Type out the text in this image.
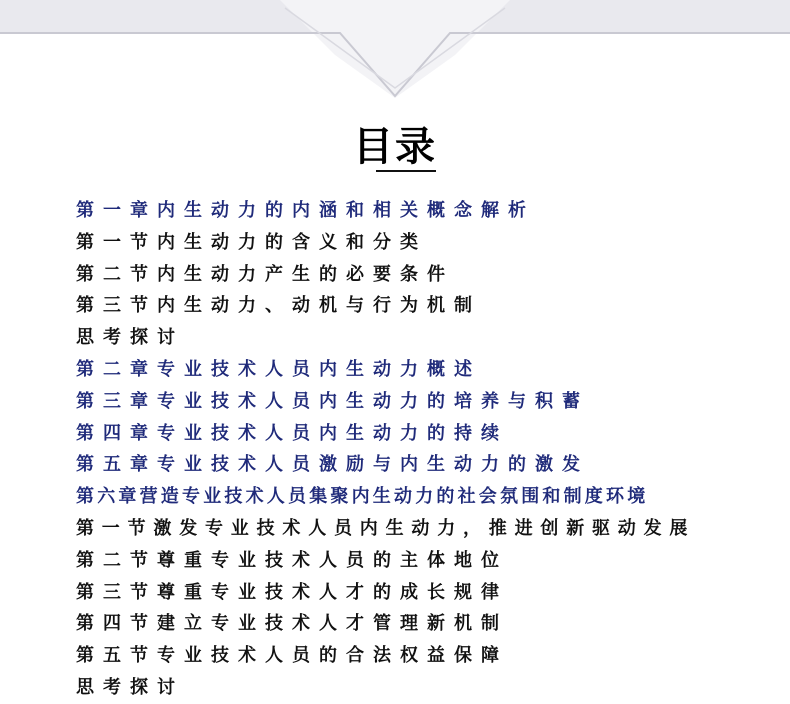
目录
第一章内生动力的内涵和相关概念解析
第一节内生动力的含义和分类
第二节内生动力产生的必要条件
第三节内生动力、动机与行为机制
思考探讨
第二章专业技术人员内生动力概述
第三章专业技术人员内生动力的培养与积蓄
第四章专业技术人员内生动力的持续
第五章专业技术人员激励与内生动力的激发
第六章营造专业技术人员集聚内生动力的社会氛围和制度环境
第一节激发专业技术人员内生动力，推进创新驱动发展
第二节尊重专业技术人员的主体地位
第三节尊重专业技术人才的成长规律
第四节建立专业技术人才管理新机制
第五节专业技术人员的合法权益保障
思考探讨
